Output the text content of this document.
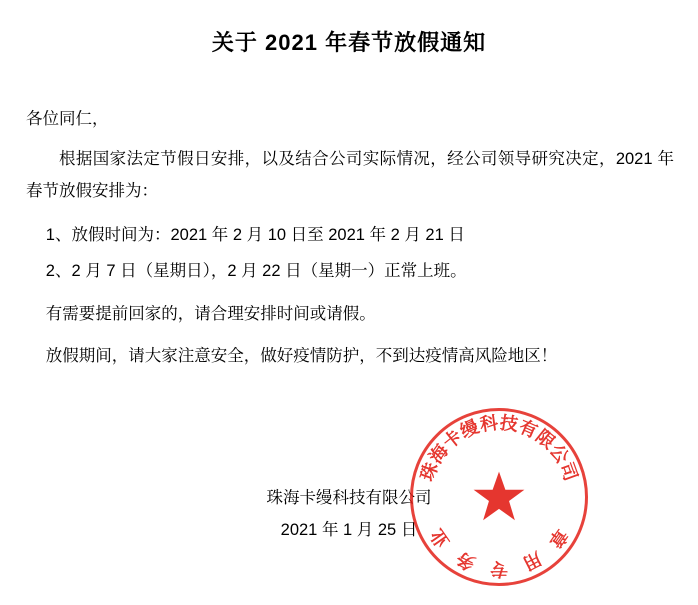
关于 2021 年春节放假通知

各位同仁，

根据国家法定节假日安排，以及结合公司实际情况，经公司领导研究决定，2021 年春节放假安排为：

1、放假时间为：2021 年 2 月 10 日至 2021 年 2 月 21 日

2、2 月 7 日（星期日），2 月 22 日（星期一）正常上班。

有需要提前回家的，请合理安排时间或请假。

放假期间，请大家注意安全，做好疫情防护，不到达疫情高风险地区！

珠海卡缦科技有限公司
2021 年 1 月 25 日
珠
海
卡
缦
科 技
有
限
公
司
业
务 专 用
章
